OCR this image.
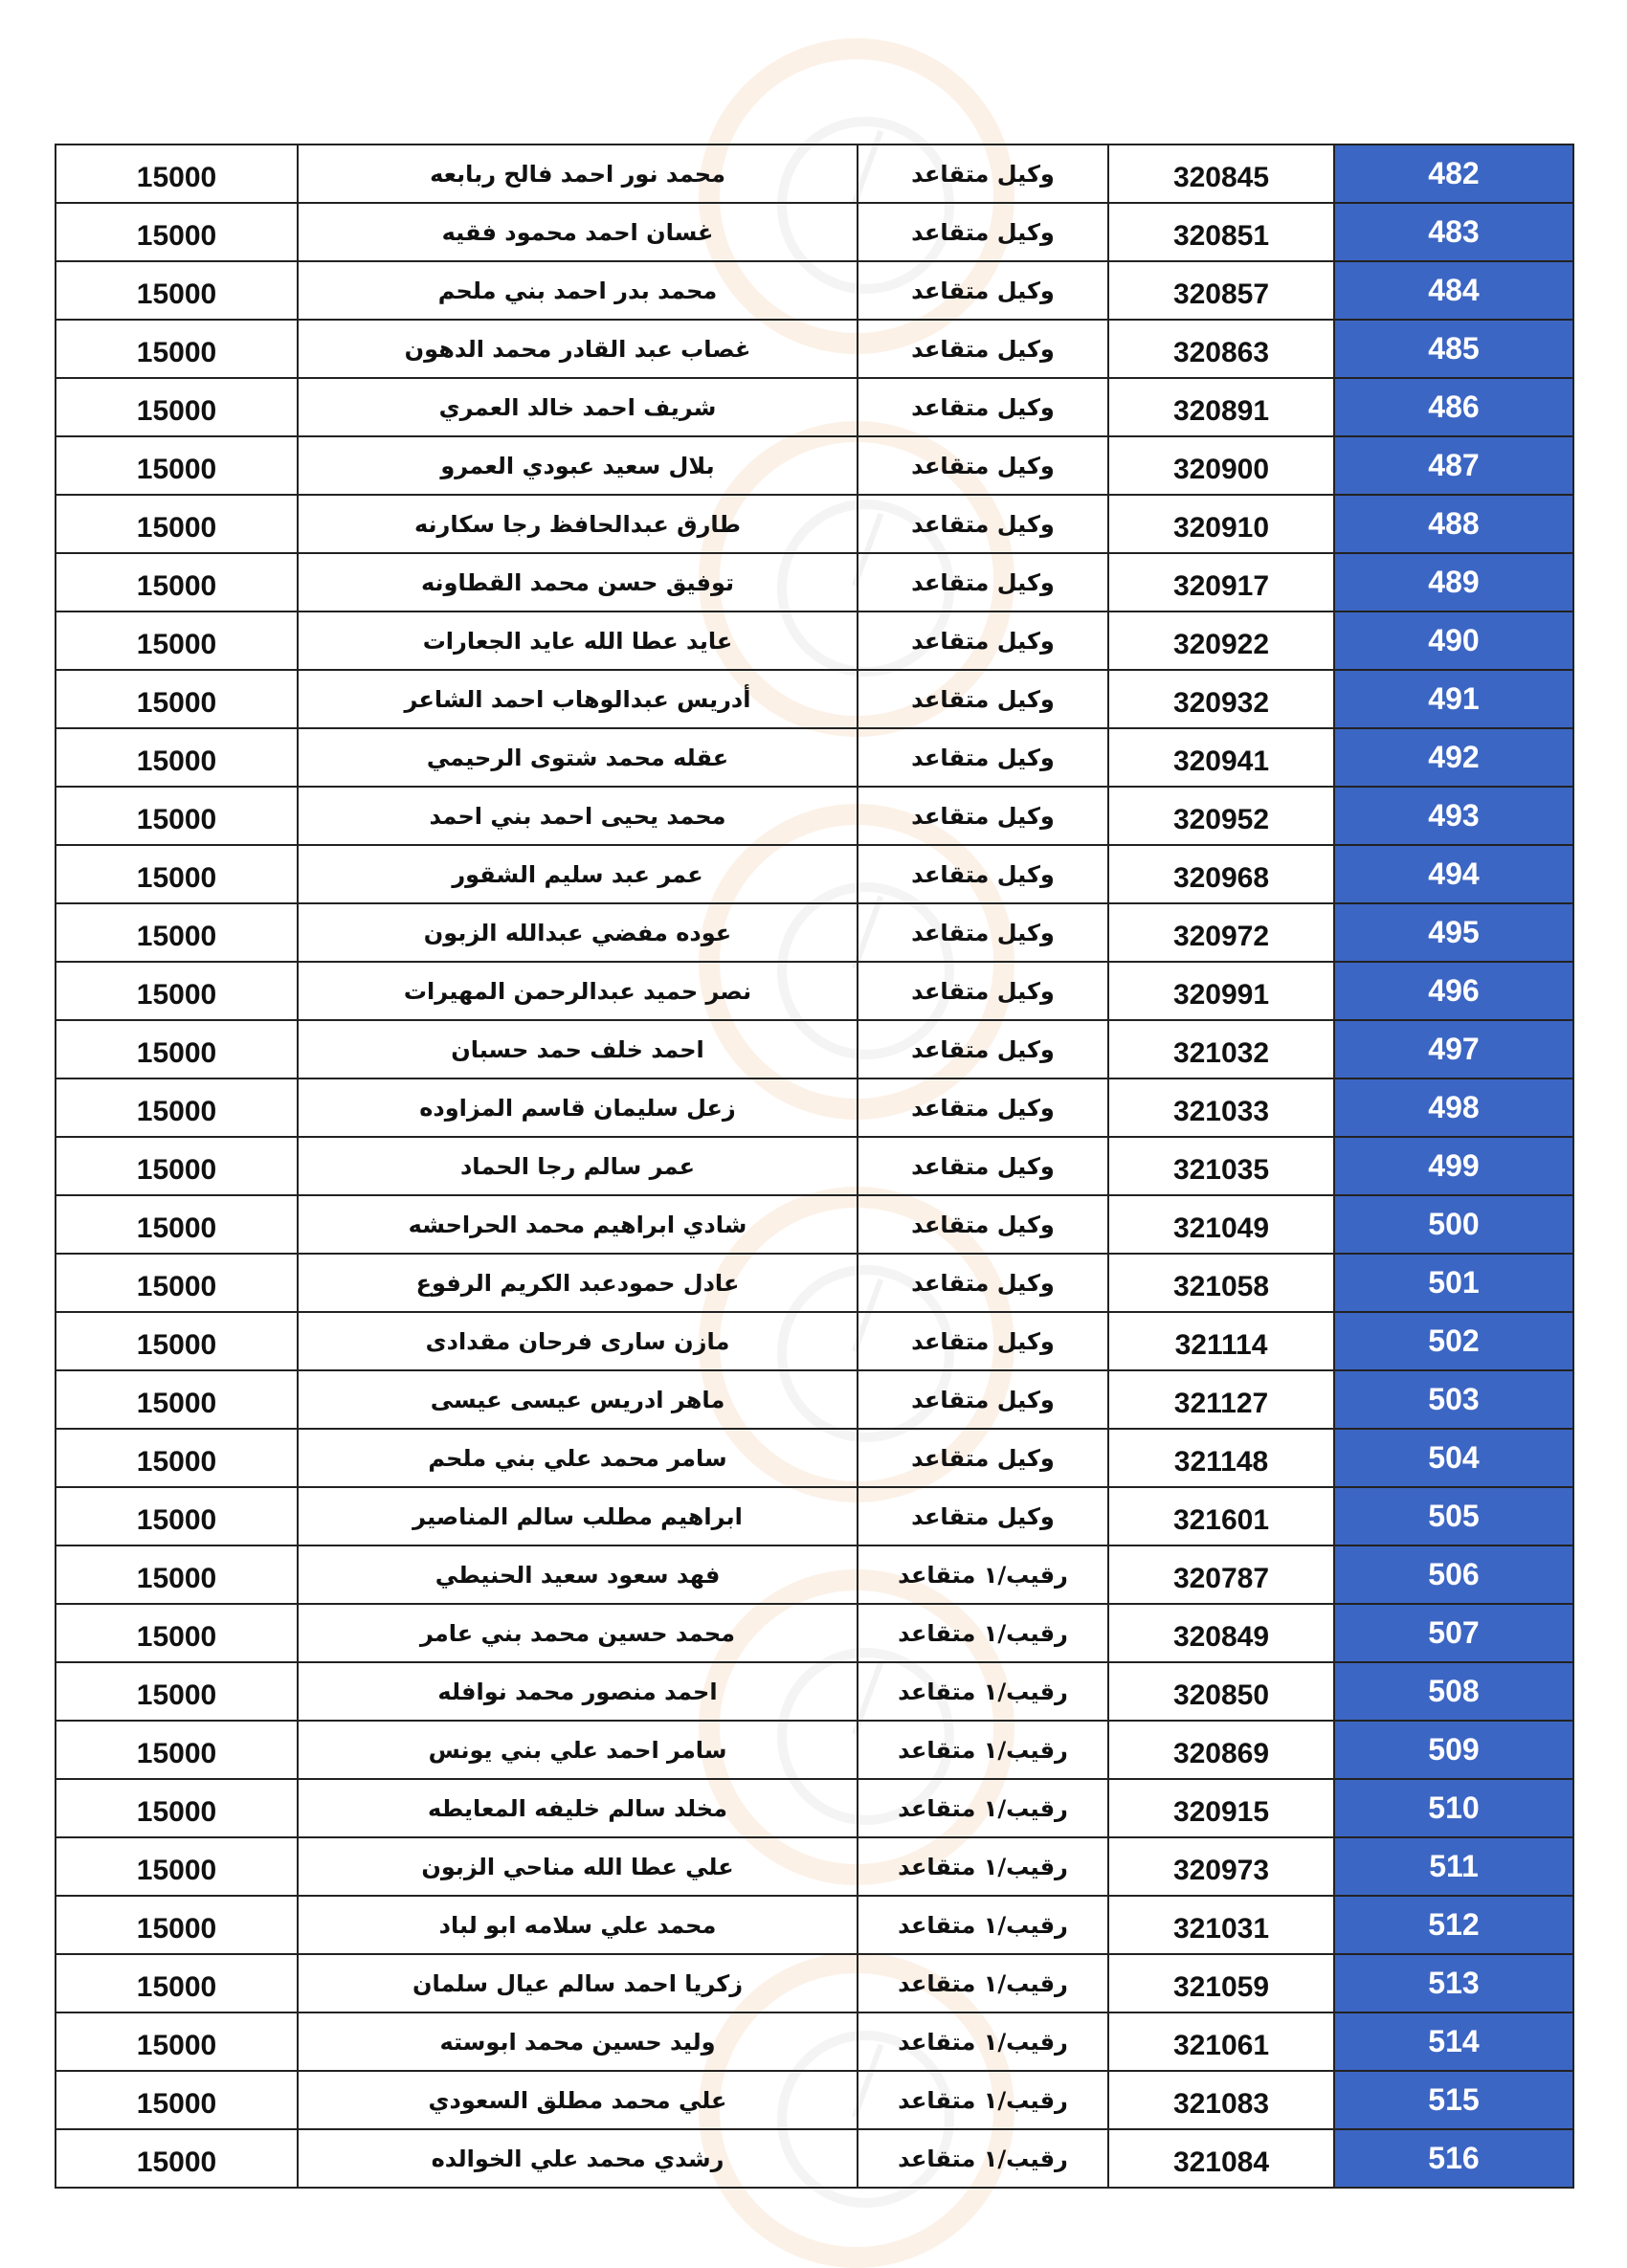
482	320845	وكيل متقاعد	محمد نور احمد فالح ربابعه	15000
483	320851	وكيل متقاعد	غسان احمد محمود فقيه	15000
484	320857	وكيل متقاعد	محمد بدر احمد بني ملحم	15000
485	320863	وكيل متقاعد	غصاب عبد القادر محمد الدهون	15000
486	320891	وكيل متقاعد	شريف احمد خالد العمري	15000
487	320900	وكيل متقاعد	بلال سعيد عبودي العمرو	15000
488	320910	وكيل متقاعد	طارق عبدالحافظ رجا سكارنه	15000
489	320917	وكيل متقاعد	توفيق حسن محمد القطاونه	15000
490	320922	وكيل متقاعد	عايد عطا الله عايد الجعارات	15000
491	320932	وكيل متقاعد	أدريس عبدالوهاب احمد الشاعر	15000
492	320941	وكيل متقاعد	عقله محمد شتوى الرحيمي	15000
493	320952	وكيل متقاعد	محمد يحيى احمد بني احمد	15000
494	320968	وكيل متقاعد	عمر عبد سليم الشقور	15000
495	320972	وكيل متقاعد	عوده مفضي عبدالله الزبون	15000
496	320991	وكيل متقاعد	نصر حميد عبدالرحمن المهيرات	15000
497	321032	وكيل متقاعد	احمد خلف حمد حسبان	15000
498	321033	وكيل متقاعد	زعل سليمان قاسم المزاوده	15000
499	321035	وكيل متقاعد	عمر سالم رجا الحماد	15000
500	321049	وكيل متقاعد	شادي ابراهيم محمد الحراحشه	15000
501	321058	وكيل متقاعد	عادل حمودعبد الكريم الرفوع	15000
502	321114	وكيل متقاعد	مازن سارى فرحان مقدادى	15000
503	321127	وكيل متقاعد	ماهر ادريس عيسى عيسى	15000
504	321148	وكيل متقاعد	سامر محمد علي بني ملحم	15000
505	321601	وكيل متقاعد	ابراهيم مطلب سالم المناصير	15000
506	320787	رقيب/١ متقاعد	فهد سعود سعيد الحنيطي	15000
507	320849	رقيب/١ متقاعد	محمد حسين محمد بني عامر	15000
508	320850	رقيب/١ متقاعد	احمد منصور محمد نوافله	15000
509	320869	رقيب/١ متقاعد	سامر احمد علي بني يونس	15000
510	320915	رقيب/١ متقاعد	مخلد سالم خليفه المعايطه	15000
511	320973	رقيب/١ متقاعد	علي عطا الله مناحي الزبون	15000
512	321031	رقيب/١ متقاعد	محمد علي سلامه ابو لباد	15000
513	321059	رقيب/١ متقاعد	زكريا احمد سالم عيال سلمان	15000
514	321061	رقيب/١ متقاعد	وليد حسين محمد ابوسته	15000
515	321083	رقيب/١ متقاعد	علي محمد مطلق السعودي	15000
516	321084	رقيب/١ متقاعد	رشدي محمد علي الخوالده	15000
